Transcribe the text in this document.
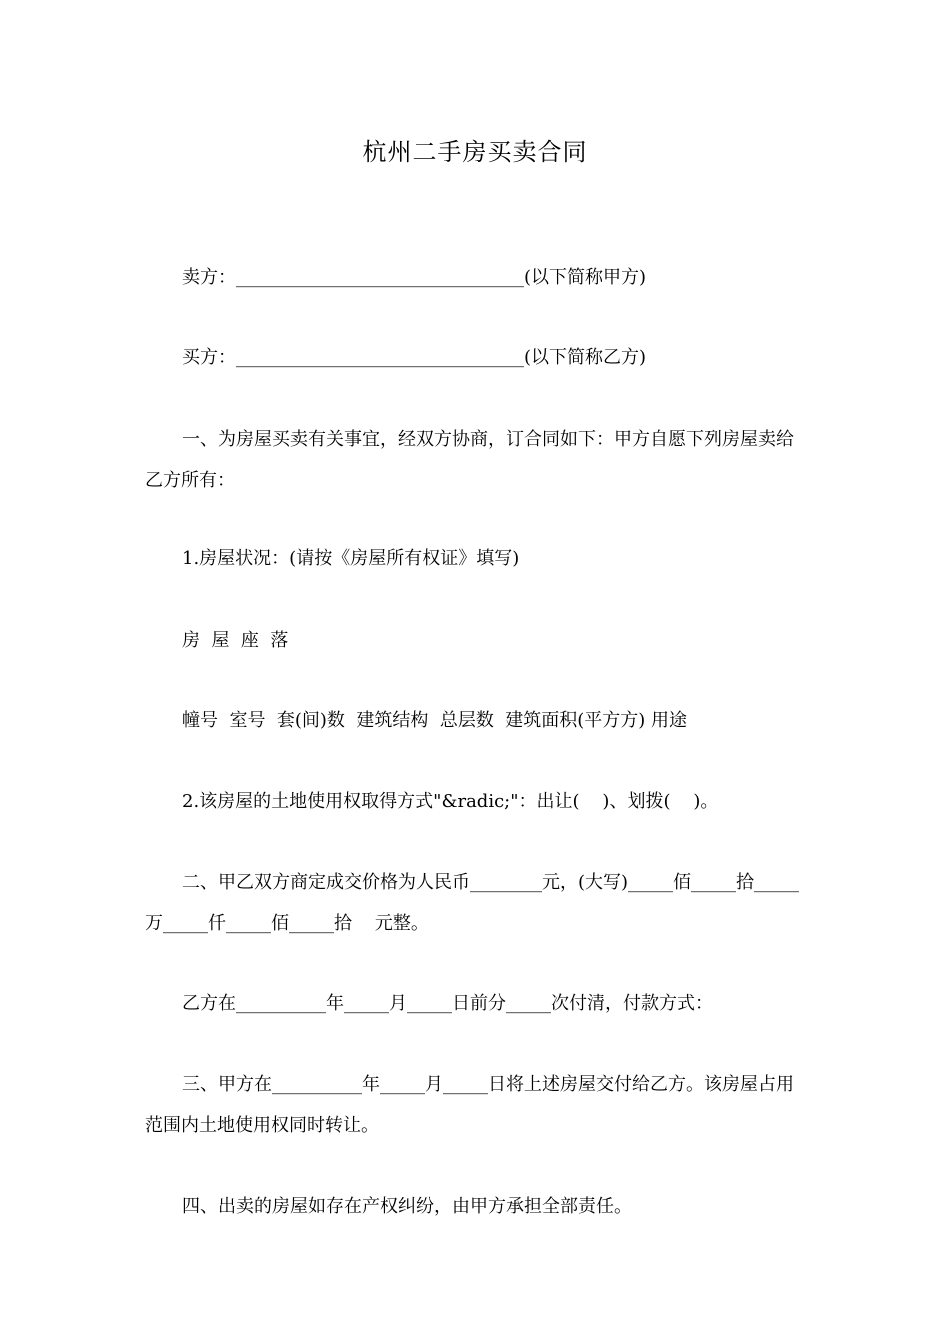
杭州二手房买卖合同
卖方：________________________________(以下简称甲方)
买方：________________________________(以下简称乙方)
一、为房屋买卖有关事宜，经双方协商，订合同如下：甲方自愿下列房屋卖给乙方所有：
1.房屋状况：(请按《房屋所有权证》填写)
房  屋  座  落
幢号  室号  套(间)数  建筑结构  总层数  建筑面积(平方方) 用途
2.该房屋的土地使用权取得方式"&radic;"：出让(    )、划拨(    )。
二、甲乙双方商定成交价格为人民币________元，(大写)_____佰_____拾_____万_____仟_____佰_____拾    元整。
乙方在__________年_____月_____日前分_____次付清，付款方式：
三、甲方在__________年_____月_____日将上述房屋交付给乙方。该房屋占用范围内土地使用权同时转让。
四、出卖的房屋如存在产权纠纷，由甲方承担全部责任。
